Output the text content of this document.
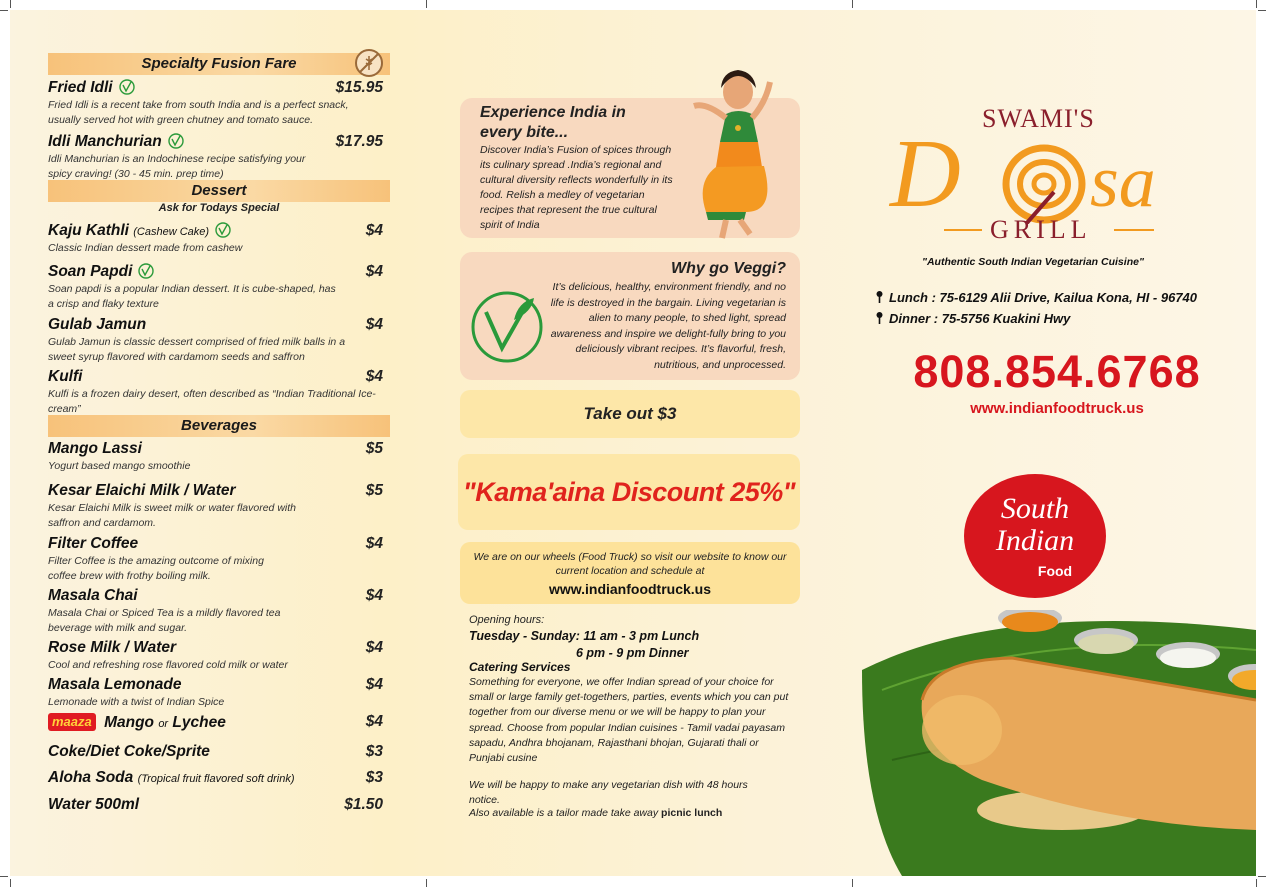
Specialty Fusion Fare
Fried Idli	$15.95
Fried Idli is a recent take from south India and is a perfect snack, usually served hot with green chutney and tomato sauce.
Idli Manchurian	$17.95
Idli Manchurian is an Indochinese recipe satisfying your spicy craving! (30 - 45 min. prep time)
Dessert
Ask for Todays Special
Kaju Kathli (Cashew Cake)	$4
Classic Indian dessert made from cashew
Soan Papdi	$4
Soan papdi is a popular Indian dessert. It is cube-shaped, has a crisp and flaky texture
Gulab Jamun	$4
Gulab Jamun is classic dessert comprised of fried milk balls in a sweet syrup flavored with cardamom seeds and saffron
Kulfi	$4
Kulfi is a frozen dairy desert, often described as “Indian Traditional Ice-cream”
Beverages
Mango Lassi	$5
Yogurt based mango smoothie
Kesar Elaichi Milk / Water	$5
Kesar Elaichi Milk is sweet milk or water flavored with saffron and cardamom.
Filter Coffee	$4
Filter Coffee is the amazing outcome of mixing coffee brew with frothy boiling milk.
Masala Chai	$4
Masala Chai or Spiced Tea is a mildly flavored tea beverage with milk and sugar.
Rose Milk / Water	$4
Cool and refreshing rose flavored cold milk or water
Masala Lemonade	$4
Lemonade with a twist of Indian Spice
maaza Mango or Lychee	$4
Coke/Diet Coke/Sprite	$3
Aloha Soda (Tropical fruit flavored soft drink)	$3
Water 500ml	$1.50
Experience India in every bite...
Discover India’s Fusion of spices through its culinary spread .India’s regional and cultural diversity reflects wonderfully in its food. Relish a medley of vegetarian recipes that represent the true cultural spirit of India
Why go Veggi?
It’s delicious, healthy, environment friendly, and no life is destroyed in the bargain. Living vegetarian is alien to many people, to shed light, spread awareness and inspire we delight-fully bring to you deliciously vibrant recipes. It’s flavorful, fresh, nutritious, and unprocessed.
Take out $3
"Kama'aina Discount 25%"
We are on our wheels (Food Truck) so visit our website to know our current location and schedule at
www.indianfoodtruck.us
Opening hours:
Tuesday - Sunday: 11 am - 3 pm Lunch
6 pm - 9 pm Dinner
Catering Services
Something for everyone, we offer Indian spread of your choice for small or large family get-togethers, parties, events which you can put together from our diverse menu or we will be happy to plan your spread. Choose from popular Indian cuisines - Tamil vadai payasam sapadu, Andhra bhojanam, Rajasthani bhojan, Gujarati thali or Punjabi cusine
We will be happy to make any vegetarian dish with 48 hours notice.
Also available is a tailor made take away picnic lunch
SWAMI'S
D sa
GRILL
"Authentic South Indian Vegetarian Cuisine"
Lunch : 75-6129 Alii Drive, Kailua Kona, HI - 96740
Dinner : 75-5756 Kuakini Hwy
808.854.6768
www.indianfoodtruck.us
South
Indian
Food
